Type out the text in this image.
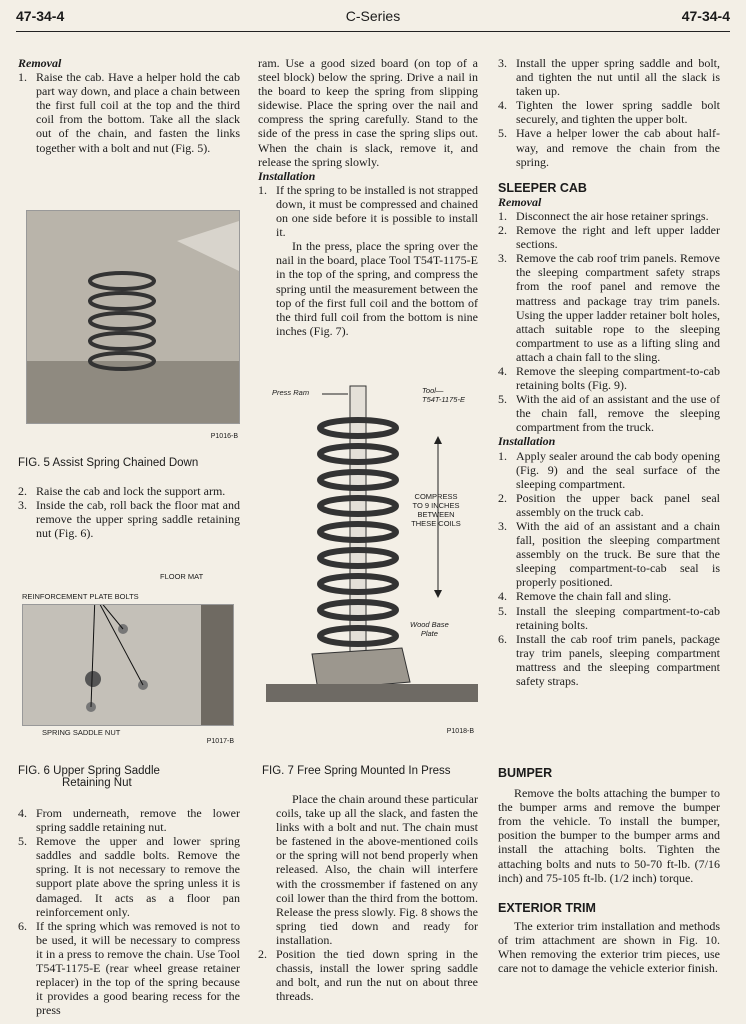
47-34-4	C-Series	47-34-4

Removal

1. Raise the cab. Have a helper hold the cab part way down, and place a chain between the first full coil at the top and the third coil from the bottom. Take all the slack out of the chain, and fasten the links together with a bolt and nut (Fig. 5).
P1016-B
FIG. 5 Assist Spring Chained Down
2. Raise the cab and lock the support arm.
3. Inside the cab, roll back the floor mat and remove the upper spring saddle retaining nut (Fig. 6).
FLOOR MAT
REINFORCEMENT PLATE BOLTS
SPRING SADDLE NUT
P1017-B
FIG. 6 Upper Spring Saddle
Retaining Nut
4. From underneath, remove the lower spring saddle retaining nut.
5. Remove the upper and lower spring saddles and saddle bolts. Remove the spring. It is not necessary to remove the support plate above the spring unless it is damaged. It acts as a floor pan reinforcement only.
6. If the spring which was removed is not to be used, it will be necessary to compress it in a press to remove the chain. Use Tool T54T-1175-E (rear wheel grease retainer replacer) in the top of the spring because it provides a good bearing recess for the press

ram. Use a good sized board (on top of a steel block) below the spring. Drive a nail in the board to keep the spring from slipping sidewise. Place the spring over the nail and compress the spring carefully. Stand to the side of the press in case the spring slips out. When the chain is slack, remove it, and release the spring slowly.

Installation

1. If the spring to be installed is not strapped down, it must be compressed and chained on one side before it is possible to install it.

In the press, place the spring over the nail in the board, place Tool T54T-1175-E in the top of the spring, and compress the spring until the measurement between the top of the first full coil and the bottom of the third full coil from the bottom is nine inches (Fig. 7).

Press Ram	Tool—
T54T-1175-E
COMPRESS
TO 9 INCHES
BETWEEN
THESE COILS
Wood Base
Plate
P1018-B
FIG. 7 Free Spring Mounted In Press

Place the chain around these particular coils, take up all the slack, and fasten the links with a bolt and nut. The chain must be fastened in the above-mentioned coils or the spring will not bend properly when released. Also, the chain will interfere with the crossmember if fastened on any coil lower than the third from the bottom. Release the press slowly. Fig. 8 shows the spring tied down and ready for installation.

2. Position the tied down spring in the chassis, install the lower spring saddle and bolt, and run the nut on about three threads.
3. Install the upper spring saddle and bolt, and tighten the nut until all the slack is taken up.
4. Tighten the lower spring saddle bolt securely, and tighten the upper bolt.
5. Have a helper lower the cab about half-way, and remove the chain from the spring.

SLEEPER CAB

Removal

1. Disconnect the air hose retainer springs.
2. Remove the right and left upper ladder sections.
3. Remove the cab roof trim panels. Remove the sleeping compartment safety straps from the roof panel and remove the mattress and package tray trim panels. Using the upper ladder retainer bolt holes, attach suitable rope to the sleeping compartment to use as a lifting sling and attach a chain fall to the sling.
4. Remove the sleeping compartment-to-cab retaining bolts (Fig. 9).
5. With the aid of an assistant and the use of the chain fall, remove the sleeping compartment from the truck.

Installation

1. Apply sealer around the cab body opening (Fig. 9) and the seal surface of the sleeping compartment.
2. Position the upper back panel seal assembly on the truck cab.
3. With the aid of an assistant and a chain fall, position the sleeping compartment assembly on the truck. Be sure that the sleeping compartment-to-cab seal is properly positioned.
4. Remove the chain fall and sling.
5. Install the sleeping compartment-to-cab retaining bolts.
6. Install the cab roof trim panels, package tray trim panels, sleeping compartment mattress and the sleeping compartment safety straps.

BUMPER

Remove the bolts attaching the bumper to the bumper arms and remove the bumper from the vehicle. To install the bumper, position the bumper to the bumper arms and install the attaching bolts. Tighten the attaching bolts and nuts to 50-70 ft-lb. (7/16 inch) and 75-105 ft-lb. (1/2 inch) torque.

EXTERIOR TRIM

The exterior trim installation and methods of trim attachment are shown in Fig. 10. When removing the exterior trim pieces, use care not to damage the vehicle exterior finish.
